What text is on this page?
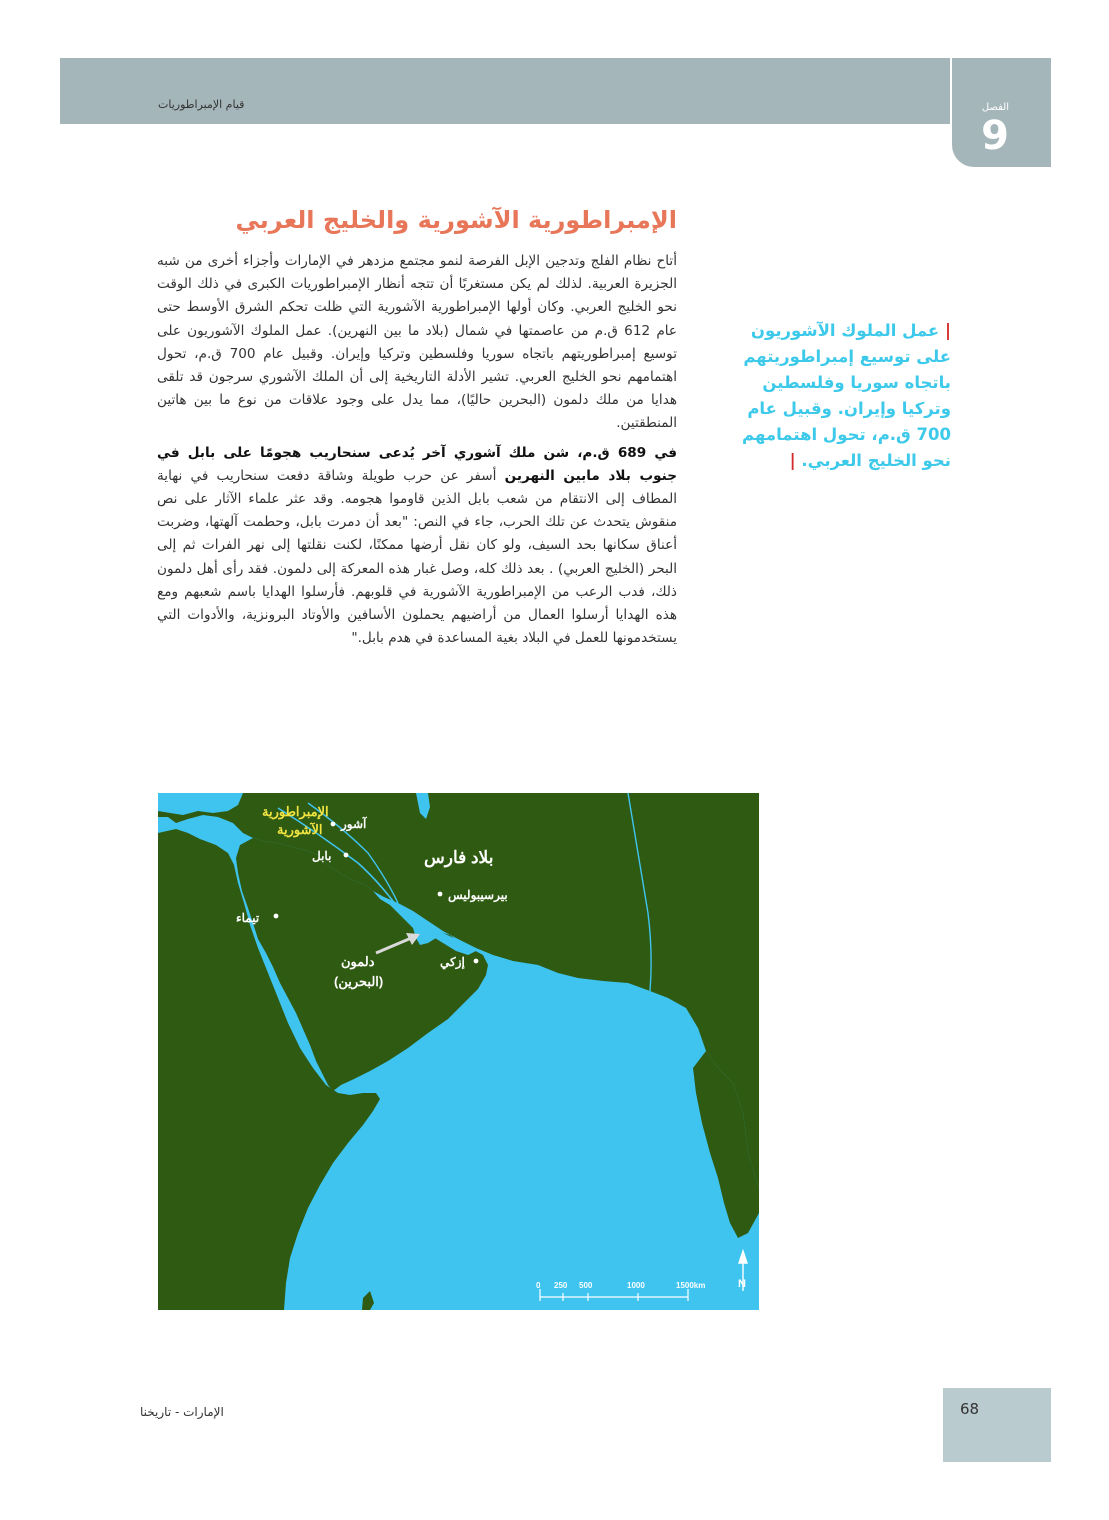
قيام الإمبراطوريات	الفصل
9
الإمبراطورية الآشورية والخليج العربي

أتاح نظام الفلج وتدجين الإبل الفرصة لنمو مجتمع مزدهر في الإمارات وأجزاء أخرى من شبه الجزيرة العربية. لذلك لم يكن مستغربًا أن تتجه أنظار الإمبراطوريات الكبرى في ذلك الوقت نحو الخليج العربي. وكان أولها الإمبراطورية الآشورية التي ظلت تحكم الشرق الأوسط حتى عام 612 ق.م من عاصمتها في شمال (بلاد ما بين النهرين). عمل الملوك الآشوريون على توسيع إمبراطوريتهم باتجاه سوريا وفلسطين وتركيا وإيران. وقبيل عام 700 ق.م، تحول اهتمامهم نحو الخليج العربي. تشير الأدلة التاريخية إلى أن الملك الآشوري سرجون قد تلقى هدايا من ملك دلمون (البحرين حاليًا)، مما يدل على وجود علاقات من نوع ما بين هاتين المنطقتين.

في 689 ق.م، شن ملك آشوري آخر يُدعى سنحاريب هجومًا على بابل في جنوب بلاد مابين النهرين أسفر عن حرب طويلة وشاقة دفعت سنحاريب في نهاية المطاف إلى الانتقام من شعب بابل الذين قاوموا هجومه. وقد عثر علماء الآثار على نص منقوش يتحدث عن تلك الحرب، جاء في النص: "بعد أن دمرت بابل، وحطمت آلهتها، وضربت أعناق سكانها بحد السيف، ولو كان نقل أرضها ممكنًا، لكنت نقلتها إلى نهر الفرات ثم إلى البحر (الخليج العربي) . بعد ذلك كله، وصل غبار هذه المعركة إلى دلمون. فقد رأى أهل دلمون ذلك، فدب الرعب من الإمبراطورية الآشورية في قلوبهم. فأرسلوا الهدايا باسم شعبهم ومع هذه الهدايا أرسلوا العمال من أراضيهم يحملون الأسافين والأوتاد البرونزية، والأدوات التي يستخدمونها للعمل في البلاد بغية المساعدة في هدم بابل."

| عمل الملوك الآشوريون على توسيع إمبراطوريتهم باتجاه سوريا وفلسطين وتركيا وإيران. وقبيل عام 700 ق.م، تحول اهتمامهم نحو الخليج العربي. |
الإمبراطورية
الآشورية آشور
بابل	بلاد فارس
بيرسيبوليس
تيماء
دلمون
(البحرين)
إزكي
0 250 500	1000	1500km	N
68
الإمارات - تاريخنا
